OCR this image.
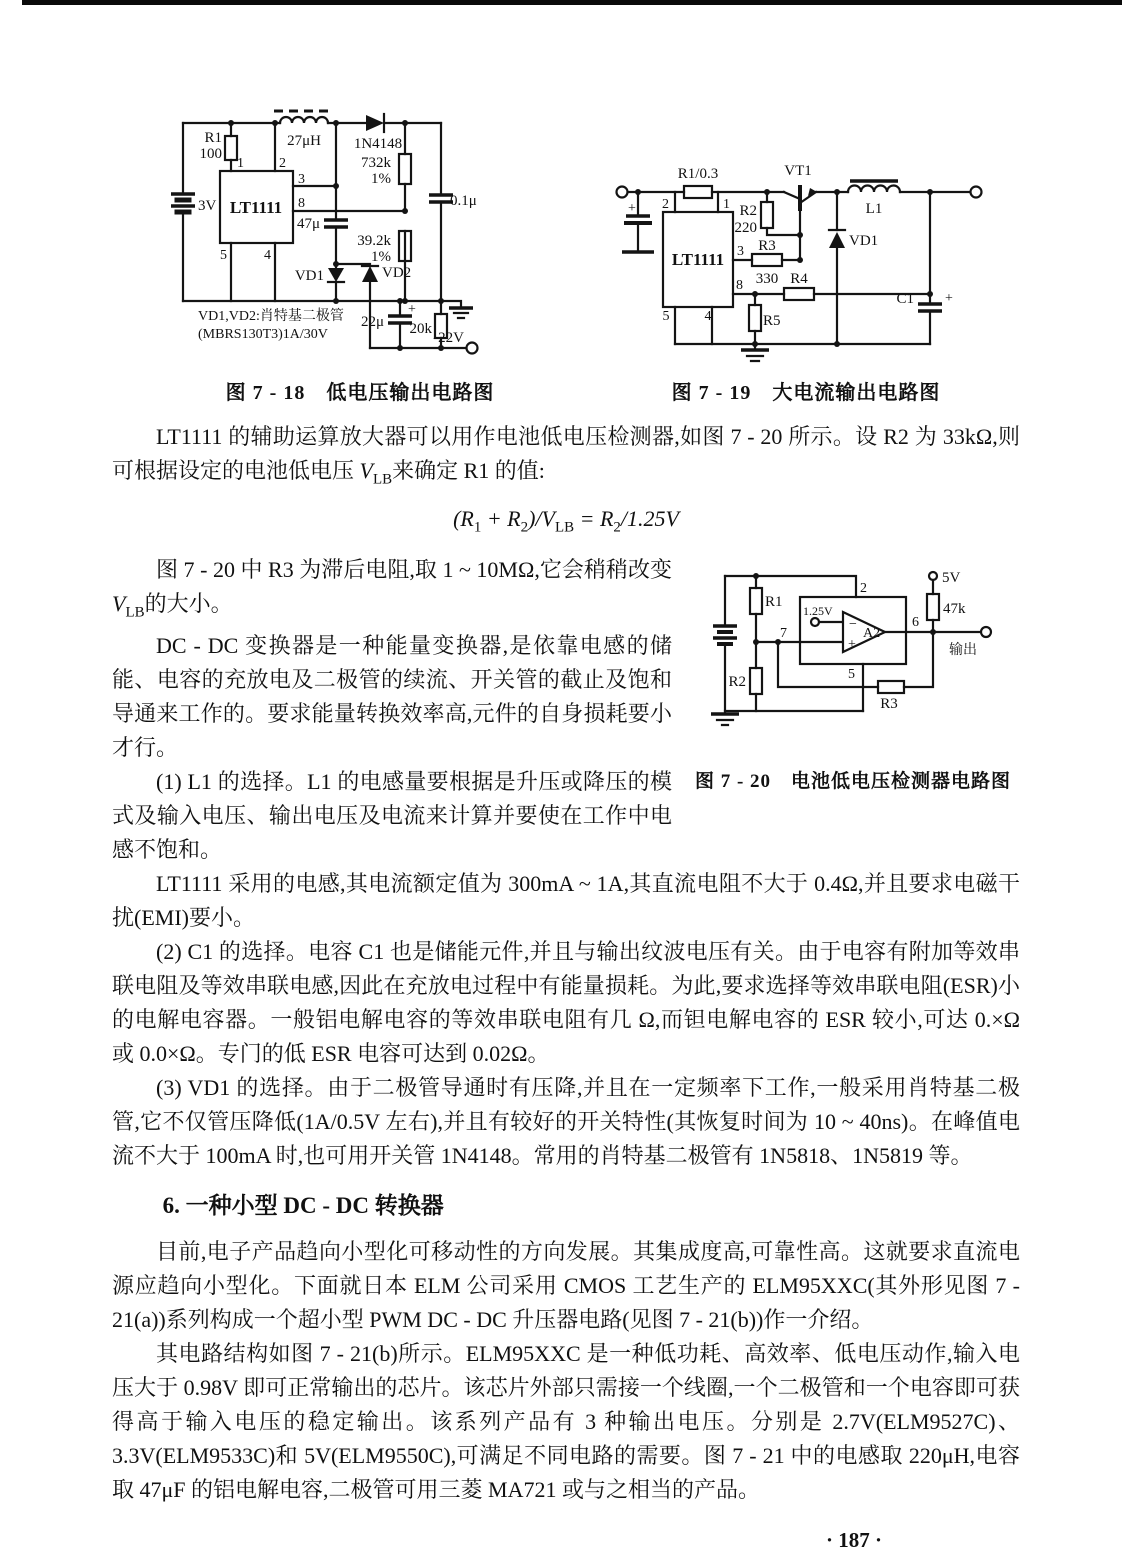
R1
100
1	2
27μH 1N4148
3V LT1111
3
8
5	4
732k
1%
47μ
39.2k
1%
0.1μ
VD1	VD2
22μ
+
20k
-22V
VD1,VD2:肖特基二极管
(MBRS130T3)1A/30V
图 7 - 18　低电压输出电路图
R1/0.3
+ 2	1
LT1111
R2
220
VT1
3 R3
330
8	R4
R5
5	4
VD1
L1
C1 +
图 7 - 19　大电流输出电路图

LT1111 的辅助运算放大器可以用作电池低电压检测器,如图 7 - 20 所示。设 R2 为 33kΩ,则可根据设定的电池低电压 $V_{LB}$来确定 R1 的值:

$(R_1 + R_2)/V_{LB} = R_2/1.25V$
R1
R2
2
7
1.25V
−
+
A2
5
6
5V
47k
R3
输出
图 7 - 20　电池低电压检测器电路图

图 7 - 20 中 R3 为滞后电阻,取 1 ~ 10MΩ,它会稍稍改变$V_{LB}$的大小。

DC - DC 变换器是一种能量变换器,是依靠电感的储能、电容的充放电及二极管的续流、开关管的截止及饱和导通来工作的。要求能量转换效率高,元件的自身损耗要小才行。

(1) L1 的选择。L1 的电感量要根据是升压或降压的模式及输入电压、输出电压及电流来计算并要使在工作中电感不饱和。

LT1111 采用的电感,其电流额定值为 300mA ~ 1A,其直流电阻不大于 0.4Ω,并且要求电磁干扰(EMI)要小。

(2) C1 的选择。电容 C1 也是储能元件,并且与输出纹波电压有关。由于电容有附加等效串联电阻及等效串联电感,因此在充放电过程中有能量损耗。为此,要求选择等效串联电阻(ESR)小的电解电容器。一般铝电解电容的等效串联电阻有几 Ω,而钽电解电容的 ESR 较小,可达 0.×Ω 或 0.0×Ω。专门的低 ESR 电容可达到 0.02Ω。

(3) VD1 的选择。由于二极管导通时有压降,并且在一定频率下工作,一般采用肖特基二极管,它不仅管压降低(1A/0.5V 左右),并且有较好的开关特性(其恢复时间为 10 ~ 40ns)。在峰值电流不大于 100mA 时,也可用开关管 1N4148。常用的肖特基二极管有 1N5818、1N5819 等。

6. 一种小型 DC - DC 转换器

目前,电子产品趋向小型化可移动性的方向发展。其集成度高,可靠性高。这就要求直流电源应趋向小型化。下面就日本 ELM 公司采用 CMOS 工艺生产的 ELM95XXC(其外形见图 7 - 21(a))系列构成一个超小型 PWM DC - DC 升压器电路(见图 7 - 21(b))作一介绍。

其电路结构如图 7 - 21(b)所示。ELM95XXC 是一种低功耗、高效率、低电压动作,输入电压大于 0.98V 即可正常输出的芯片。该芯片外部只需接一个线圈,一个二极管和一个电容即可获得高于输入电压的稳定输出。该系列产品有 3 种输出电压。分别是 2.7V(ELM9527C)、3.3V(ELM9533C)和 5V(ELM9550C),可满足不同电路的需要。图 7 - 21 中的电感取 220μH,电容取 47μF 的铝电解电容,二极管可用三菱 MA721 或与之相当的产品。

· 187 ·
